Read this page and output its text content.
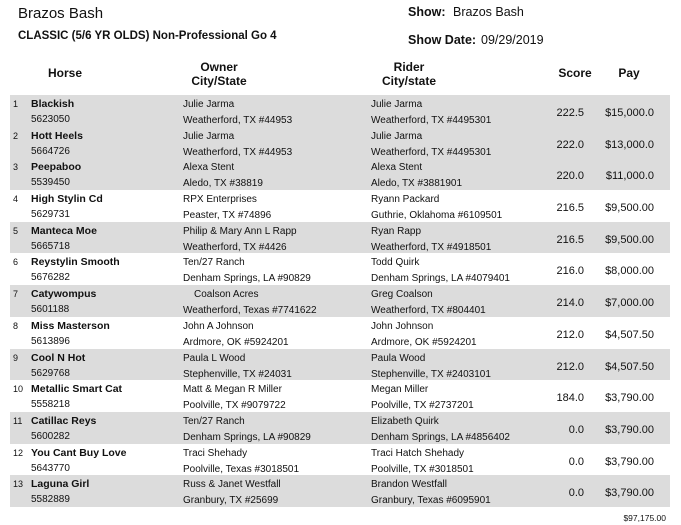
Brazos Bash
CLASSIC (5/6 YR OLDS) Non-Professional Go 4
Show: Brazos Bash
Show Date: 09/29/2019
Horse	Owner
City/State
Rider
City/state
Score	Pay
1 Blackish
5623050
Julie Jarma
Weatherford, TX #44953
Julie Jarma
Weatherford, TX #4495301
222.5 $15,000.0
2 Hott Heels
5664726
Julie Jarma
Weatherford, TX #44953
Julie Jarma
Weatherford, TX #4495301
222.0 $13,000.0
3 Peepaboo
5539450
Alexa Stent
Aledo, TX #38819
Alexa Stent
Aledo, TX #3881901
220.0 $11,000.0
4 High Stylin Cd
5629731
RPX Enterprises
Peaster, TX #74896
Ryann Packard
Guthrie, Oklahoma #6109501
216.5 $9,500.00
5 Manteca Moe
5665718
Philip & Mary Ann L Rapp
Weatherford, TX #4426
Ryan Rapp
Weatherford, TX #4918501
216.5 $9,500.00
6 Reystylin Smooth
5676282
Ten/27 Ranch
Denham Springs, LA #90829
Todd Quirk
Denham Springs, LA #4079401
216.0 $8,000.00
7 Catywompus
5601188
Coalson Acres
Weatherford, Texas #7741622
Greg Coalson
Weatherford, TX #804401
214.0 $7,000.00
8 Miss Masterson
5613896
John A Johnson
Ardmore, OK #5924201
John Johnson
Ardmore, OK #5924201
212.0 $4,507.50
9 Cool N Hot
5629768
Paula L Wood
Stephenville, TX #24031
Paula Wood
Stephenville, TX #2403101
212.0 $4,507.50
10 Metallic Smart Cat
5558218
Matt & Megan R Miller
Poolville, TX #9079722
Megan Miller
Poolville, TX #2737201
184.0 $3,790.00
11 Catillac Reys
5600282
Ten/27 Ranch
Denham Springs, LA #90829
Elizabeth Quirk
Denham Springs, LA #4856402
0.0 $3,790.00
12 You Cant Buy Love
5643770
Traci Shehady
Poolville, Texas #3018501
Traci Hatch Shehady
Poolville, TX #3018501
0.0 $3,790.00
13 Laguna Girl
5582889
Russ & Janet Westfall
Granbury, TX #25699
Brandon Westfall
Granbury, Texas #6095901
0.0 $3,790.00
$97,175.00
